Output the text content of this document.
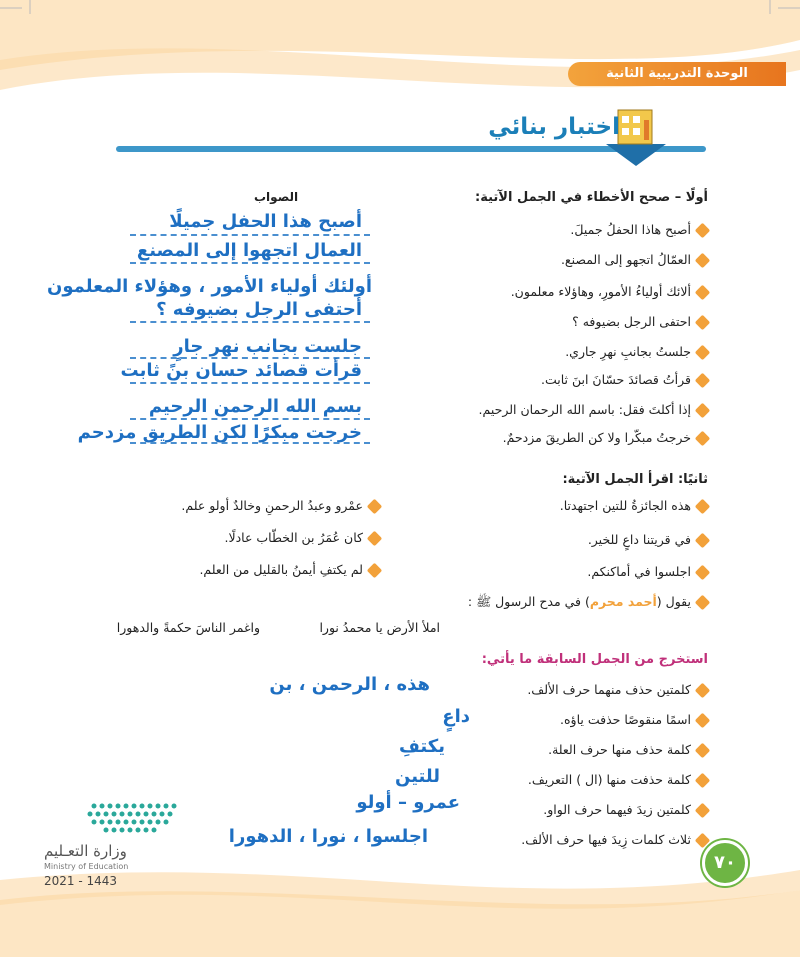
الوحدة التدريبية الثانية
اختبار بنائي
أولًا – صحح الأخطاء في الجمل الآتية:
الصواب
أصبح هاذا الحفلُ جميلَ.
العمّالُ اتجهو إلى المصنع.
ألائك أولياءُ الأمورِ، وهاؤلاء معلمون.
احتفى الرجل بضيوفه ؟
جلستُ بجانبِ نهرِ جاري.
قرأتُ قصائدَ حسّانَ ابنَ ثابت.
إذا أكلتَ فقل: باسم الله الرحمان الرحيم.
خرجتُ مبكّرا ولا كن الطريقَ مزدحمٌ.
أصبح هذا الحفل جميلًا
العمال اتجهوا إلى المصنع
أولئك أولياء الأمور ، وهؤلاء المعلمون
أحتفى الرجل بضيوفه ؟
جلست بجانب نهر جارٍ
قرأت قصائد حسان بنً ثابت
بسم الله الرحمن الرحيم
خرجت مبكرًا لكن الطريق مزدحم
ثانيًا: اقرأ الجمل الآتية:
هذه الجائزةُ للتين اجتهدتا.
في قريتنا داعٍ للخير.
اجلسوا في أماكنكم.
عمْرو وعبدُ الرحمنِ وخالدٌ أولو علم.
كان عُمَرُ بن الخطّاب عادلًا.
لم يكتفِ أيمنُ بالقليل من العلم.
يقول (أحمد محرم) في مدح الرسول ﷺ :
املأ الأرض يا محمدُ نورا
واغمر الناسَ حكمةً والدهورا
استخرج من الجمل السابقة ما يأتي:
كلمتين حذف منهما حرف الألف.
اسمًا منقوصًا حذفت ياؤه.
كلمة حذف منها حرف العلة.
كلمة حذفت منها (ال ) التعريف.
كلمتين زيدَ فيهما حرف الواو.
ثلاث كلمات زِيدَ فيها حرف الألف.
هذه ، الرحمن ، بن
داعٍ
يكتفِ
للتين
عمرو – أولو
اجلسوا ، نورا ، الدهورا
٧٠
وزارة التعـليم
Ministry of Education
2021 - 1443
